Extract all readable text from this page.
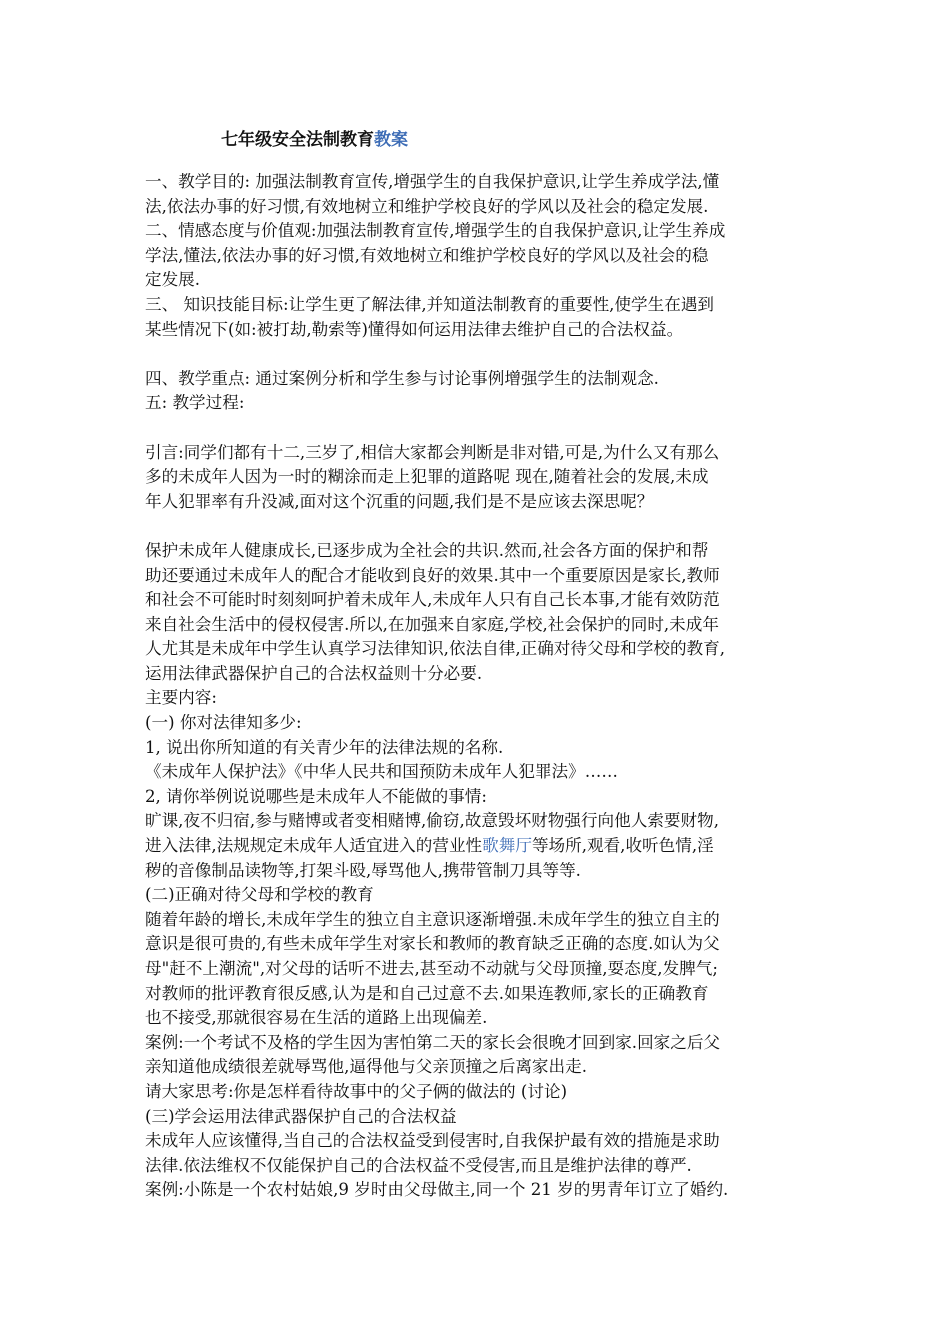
七年级安全法制教育教案
一、教学目的: 加强法制教育宣传,增强学生的自我保护意识,让学生养成学法,懂
法,依法办事的好习惯,有效地树立和维护学校良好的学风以及社会的稳定发展.
二、情感态度与价值观:加强法制教育宣传,增强学生的自我保护意识,让学生养成
学法,懂法,依法办事的好习惯,有效地树立和维护学校良好的学风以及社会的稳
定发展.
三、 知识技能目标:让学生更了解法律,并知道法制教育的重要性,使学生在遇到
某些情况下(如:被打劫,勒索等)懂得如何运用法律去维护自己的合法权益。
四、教学重点: 通过案例分析和学生参与讨论事例增强学生的法制观念.
五: 教学过程:
引言:同学们都有十二,三岁了,相信大家都会判断是非对错,可是,为什么又有那么
多的未成年人因为一时的糊涂而走上犯罪的道路呢 现在,随着社会的发展,未成
年人犯罪率有升没减,面对这个沉重的问题,我们是不是应该去深思呢？
保护未成年人健康成长,已逐步成为全社会的共识.然而,社会各方面的保护和帮
助还要通过未成年人的配合才能收到良好的效果.其中一个重要原因是家长,教师
和社会不可能时时刻刻呵护着未成年人,未成年人只有自己长本事,才能有效防范
来自社会生活中的侵权侵害.所以,在加强来自家庭,学校,社会保护的同时,未成年
人尤其是未成年中学生认真学习法律知识,依法自律,正确对待父母和学校的教育,
运用法律武器保护自己的合法权益则十分必要.
主要内容:
(一) 你对法律知多少:
1, 说出你所知道的有关青少年的法律法规的名称.
《未成年人保护法》《中华人民共和国预防未成年人犯罪法》……
2, 请你举例说说哪些是未成年人不能做的事情:
旷课,夜不归宿,参与赌博或者变相赌博,偷窃,故意毁坏财物强行向他人索要财物,
进入法律,法规规定未成年人适宜进入的营业性歌舞厅等场所,观看,收听色情,淫
秽的音像制品读物等,打架斗殴,辱骂他人,携带管制刀具等等.
(二)正确对待父母和学校的教育
随着年龄的增长,未成年学生的独立自主意识逐渐增强.未成年学生的独立自主的
意识是很可贵的,有些未成年学生对家长和教师的教育缺乏正确的态度.如认为父
母"赶不上潮流",对父母的话听不进去,甚至动不动就与父母顶撞,耍态度,发脾气;
对教师的批评教育很反感,认为是和自己过意不去.如果连教师,家长的正确教育
也不接受,那就很容易在生活的道路上出现偏差.
案例:一个考试不及格的学生因为害怕第二天的家长会很晚才回到家.回家之后父
亲知道他成绩很差就辱骂他,逼得他与父亲顶撞之后离家出走.
请大家思考:你是怎样看待故事中的父子俩的做法的 (讨论)
(三)学会运用法律武器保护自己的合法权益
未成年人应该懂得,当自己的合法权益受到侵害时,自我保护最有效的措施是求助
法律.依法维权不仅能保护自己的合法权益不受侵害,而且是维护法律的尊严.
案例:小陈是一个农村姑娘,9 岁时由父母做主,同一个 21 岁的男青年订立了婚约.
